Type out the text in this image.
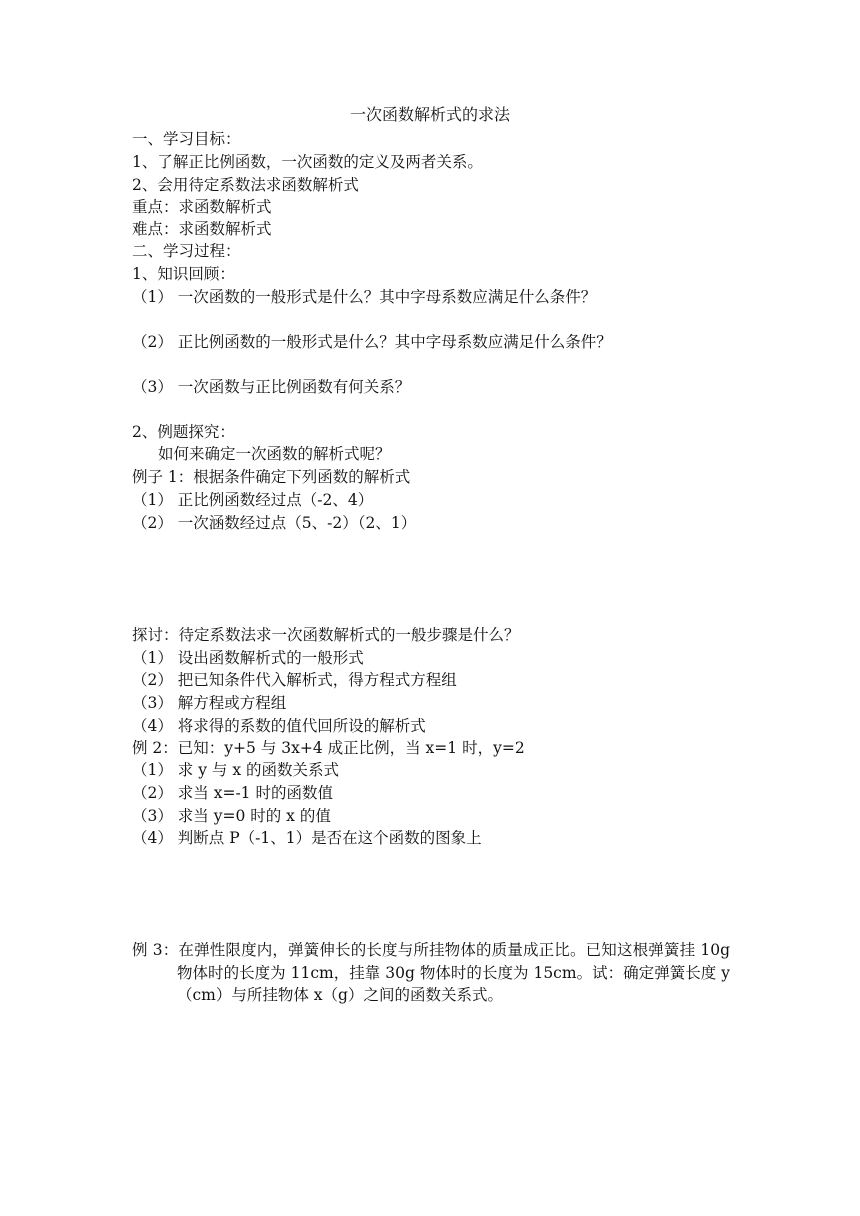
一次函数解析式的求法
一、学习目标：
1、了解正比例函数，一次函数的定义及两者关系。
2、会用待定系数法求函数解析式
重点：求函数解析式
难点：求函数解析式
二、学习过程：
1、知识回顾：
（1） 一次函数的一般形式是什么？其中字母系数应满足什么条件？
（2） 正比例函数的一般形式是什么？其中字母系数应满足什么条件？
（3） 一次函数与正比例函数有何关系？
2、例题探究：
如何来确定一次函数的解析式呢？
例子 1：根据条件确定下列函数的解析式
（1） 正比例函数经过点（-2、4）
（2） 一次涵数经过点（5、-2）（2、1）
探讨：待定系数法求一次函数解析式的一般步骤是什么？
（1） 设出函数解析式的一般形式
（2） 把已知条件代入解析式，得方程式方程组
（3） 解方程或方程组
（4） 将求得的系数的值代回所设的解析式
例 2：已知：y+5 与 3x+4 成正比例，当 x=1 时，y=2
（1） 求 y 与 x 的函数关系式
（2） 求当 x=-1 时的函数值
（3） 求当 y=0 时的 x 的值
（4） 判断点 P（-1、1）是否在这个函数的图象上
例 3：在弹性限度内，弹簧伸长的长度与所挂物体的质量成正比。已知这根弹簧挂 10g 物体时的长度为 11cm，挂靠 30g 物体时的长度为 15cm。试：确定弹簧长度 y（cm）与所挂物体 x（g）之间的函数关系式。
